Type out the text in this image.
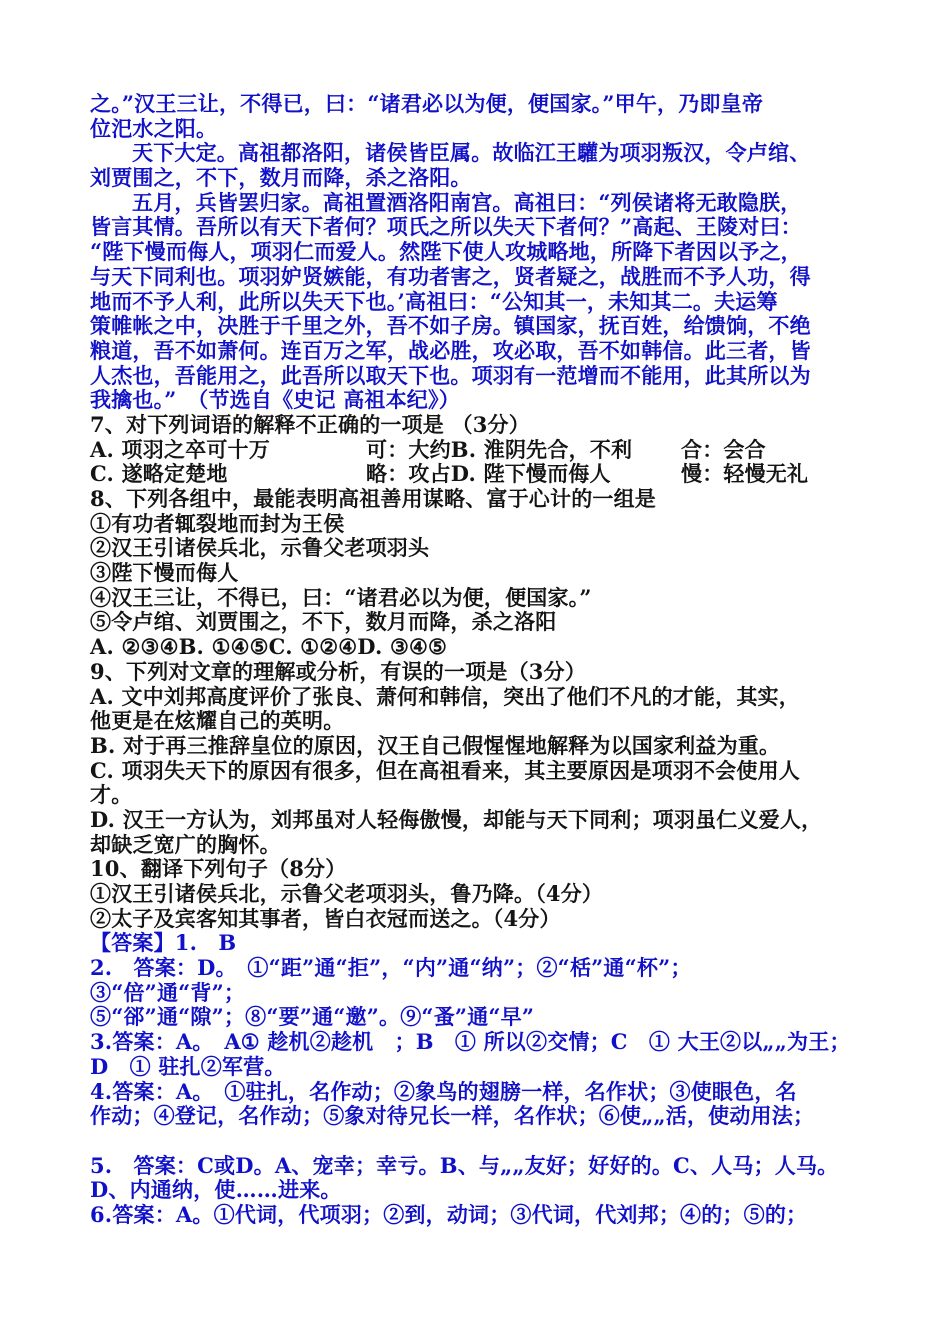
之。”汉王三让，不得已，曰：“诸君必以为便，便国家。”甲午，乃即皇帝
位汜水之阳。
天下大定。高祖都洛阳，诸侯皆臣属。故临江王驩为项羽叛汉，令卢绾、
刘贾围之，不下，数月而降，杀之洛阳。
五月，兵皆罢归家。高祖置酒洛阳南宫。高祖曰：“列侯诸将无敢隐朕，
皆言其情。吾所以有天下者何？项氏之所以失天下者何？”高起、王陵对曰：
“陛下慢而侮人，项羽仁而爱人。然陛下使人攻城略地，所降下者因以予之，
与天下同利也。项羽妒贤嫉能，有功者害之，贤者疑之，战胜而不予人功，得
地而不予人利，此所以失天下也。’高祖曰：“公知其一，未知其二。夫运筹
策帷帐之中，决胜于千里之外，吾不如子房。镇国家，抚百姓，给馈饷，不绝
粮道，吾不如萧何。连百万之军，战必胜，攻必取，吾不如韩信。此三者，皆
人杰也，吾能用之，此吾所以取天下也。项羽有一范增而不能用，此其所以为
我擒也。”　（节选自《史记 高祖本纪》）
7、对下列词语的解释不正确的一项是 （3分）
A. 项羽之卒可十万	可：大约B. 淮阴先合，不利 合：会合
C. 遂略定楚地	略：攻占D. 陛下慢而侮人	慢：轻慢无礼
8、下列各组中，最能表明高祖善用谋略、富于心计的一组是
①有功者辄裂地而封为王侯
②汉王引诸侯兵北，示鲁父老项羽头
③陛下慢而侮人
④汉王三让，不得已，曰：“诸君必以为便，便国家。”
⑤令卢绾、刘贾围之，不下，数月而降，杀之洛阳
A. ②③④B. ①④⑤C. ①②④D. ③④⑤
9、下列对文章的理解或分析，有误的一项是（3分）
A. 文中刘邦高度评价了张良、萧何和韩信，突出了他们不凡的才能，其实，
他更是在炫耀自己的英明。
B. 对于再三推辞皇位的原因，汉王自己假惺惺地解释为以国家利益为重。
C. 项羽失天下的原因有很多，但在高祖看来，其主要原因是项羽不会使用人
才。
D. 汉王一方认为，刘邦虽对人轻侮傲慢，却能与天下同利；项羽虽仁义爱人，
却缺乏宽广的胸怀。
10、翻译下列句子（8分）
①汉王引诸侯兵北，示鲁父老项羽头，鲁乃降。（4分）
②太子及宾客知其事者，皆白衣冠而送之。（4分）
【答案】1.　B
2.　答案：D。　①“距”通“拒”，“内”通“纳”；②“栝”通“杯”；
③“倍”通“背”；
⑤“郤”通“隙”；⑧“要”通“邀”。⑨“蚤”通“早”
3.答案：A。　A① 趁机②趁机　；B　① 所以②交情；C　① 大王②以„„为王；
D　① 驻扎②军营。
4.答案：A。　①驻扎，名作动；②象鸟的翅膀一样，名作状；③使眼色，名
作动；④登记，名作动；⑤象对待兄长一样，名作状；⑥使„„活，使动用法；
5.　答案：C或D。A、宠幸；幸亏。B、与„„友好；好好的。C、人马；人马。
D、内通纳，使……进来。
6.答案：A。①代词，代项羽；②到，动词；③代词，代刘邦；④的；⑤的；
